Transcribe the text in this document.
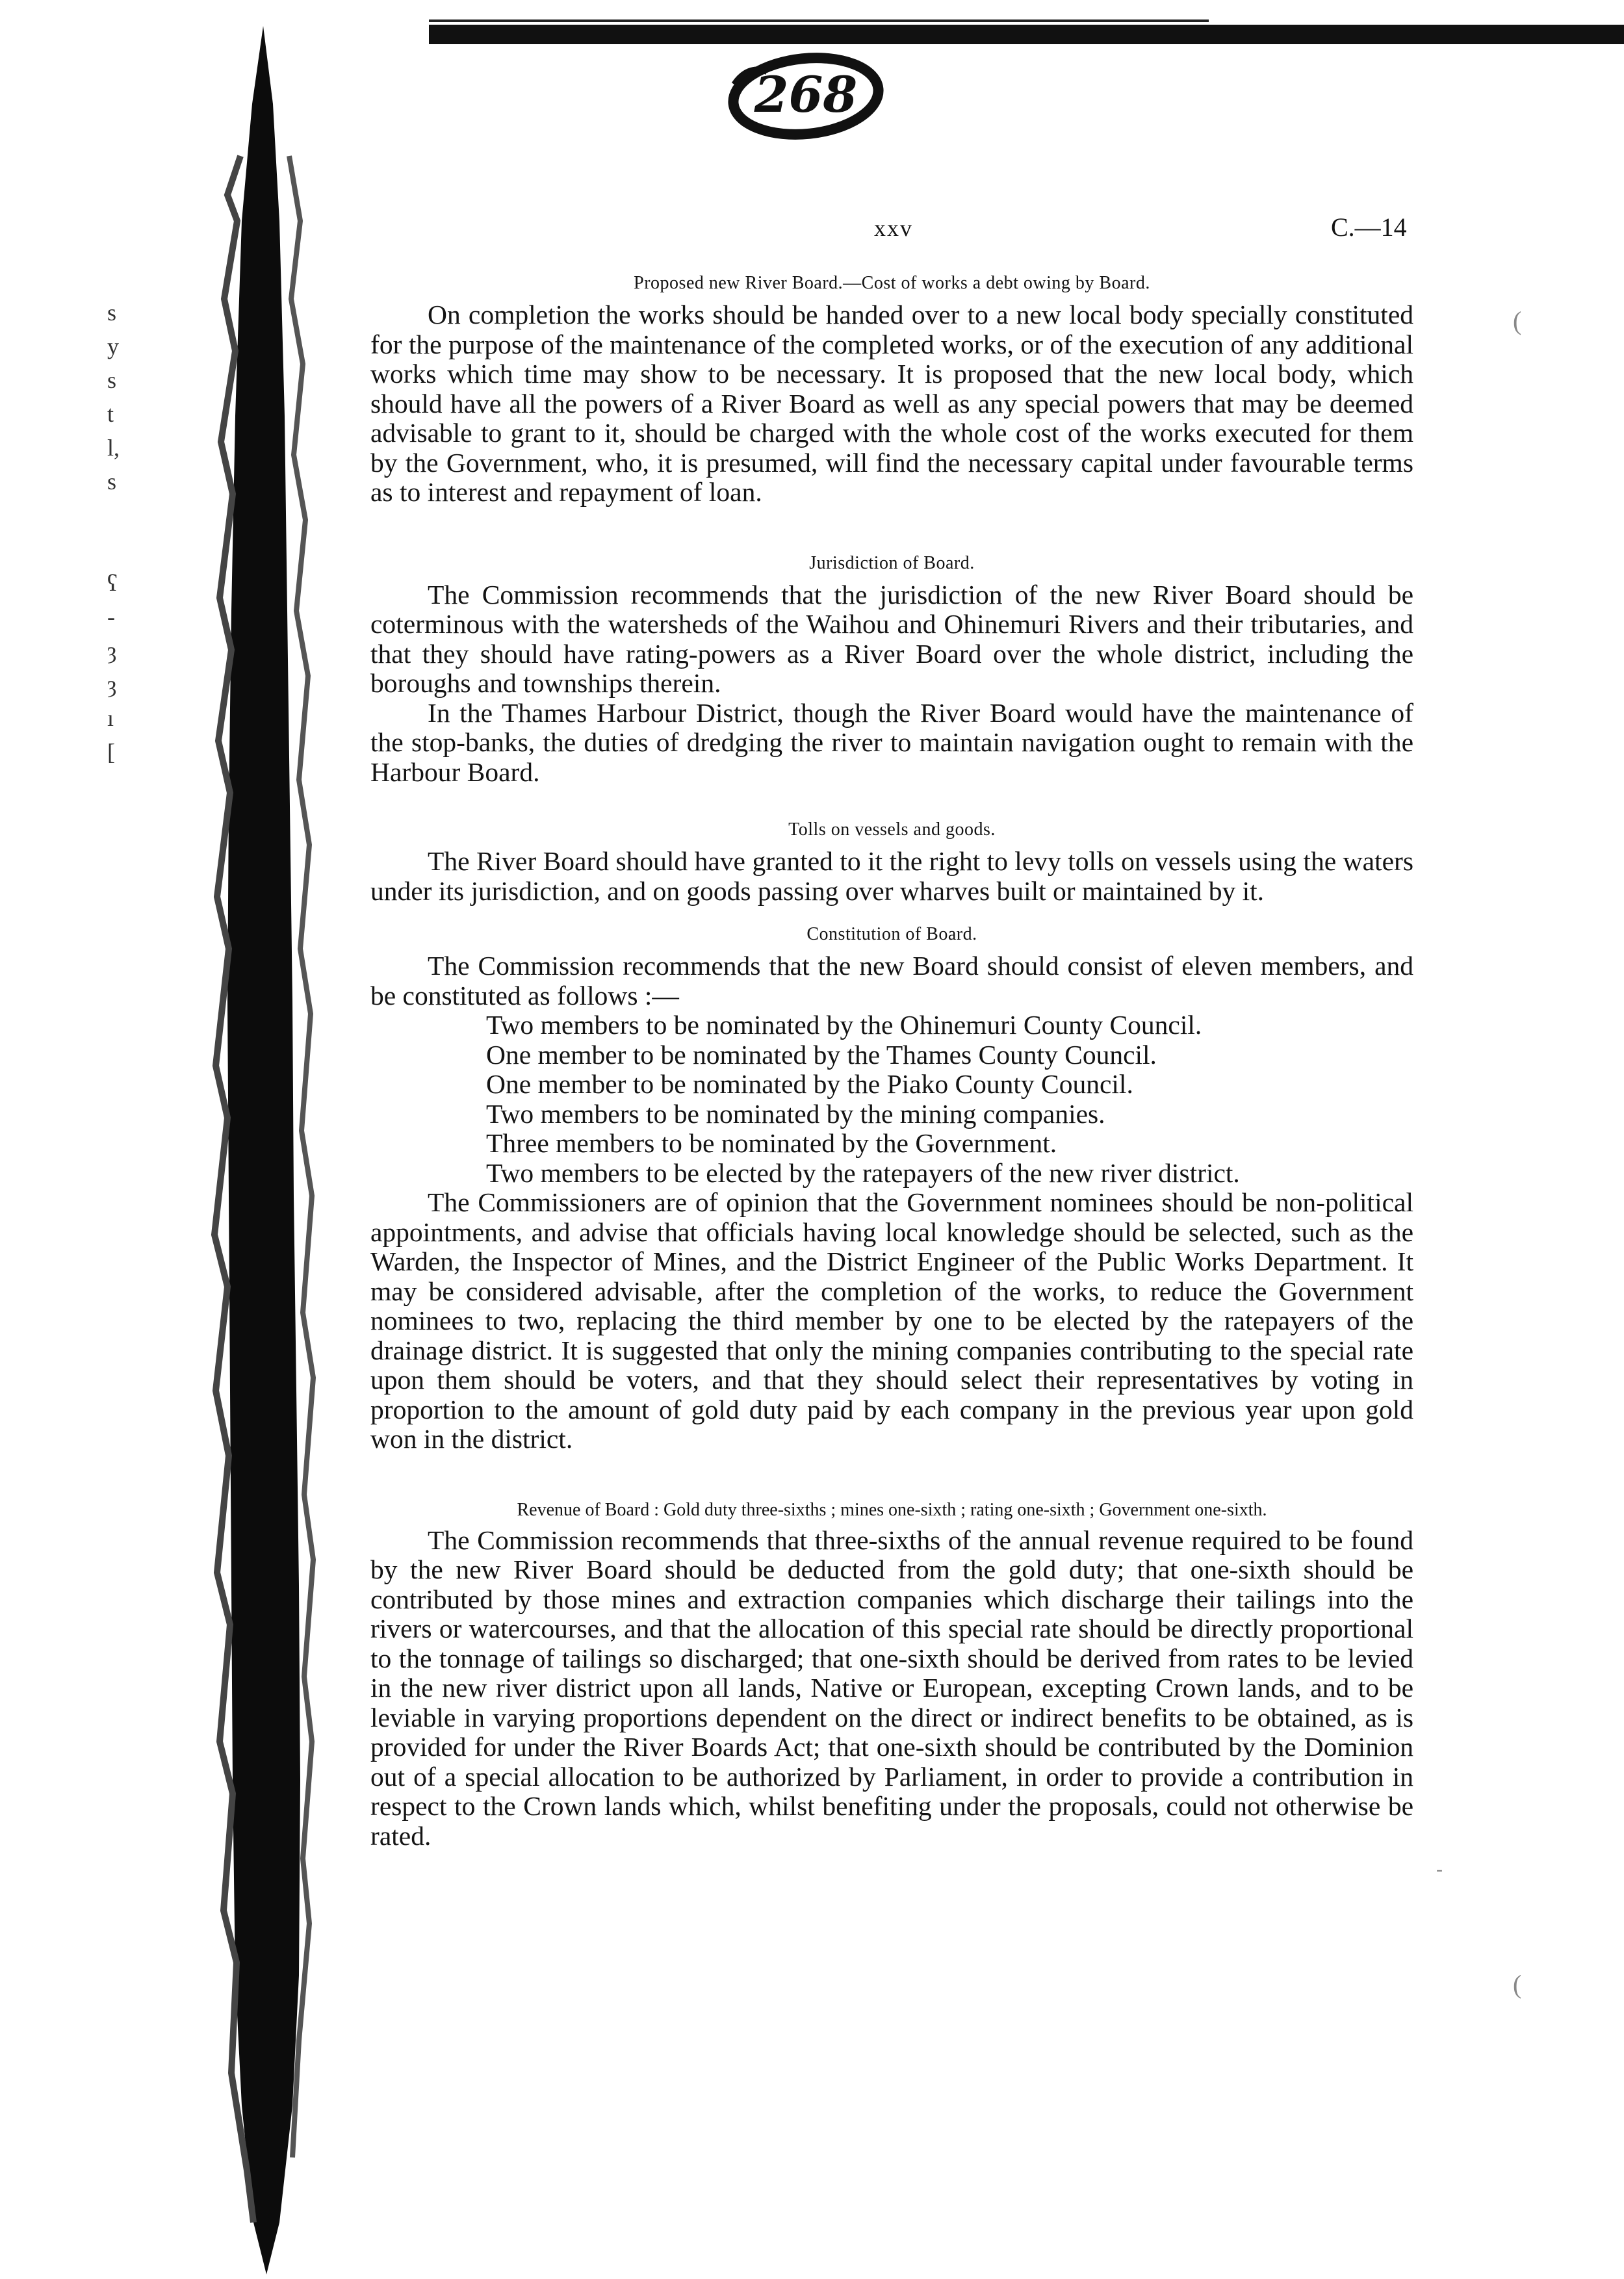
s
y
s
t
l,
s
ʕ
-
ȝ
ȝ
ı
[
268
xxv	C.—14
(
(
-

Proposed new River Board.—Cost of works a debt owing by Board.

On completion the works should be handed over to a new local body specially constituted for the purpose of the maintenance of the completed works, or of the execution of any additional works which time may show to be necessary. It is proposed that the new local body, which should have all the powers of a River Board as well as any special powers that may be deemed advisable to grant to it, should be charged with the whole cost of the works executed for them by the Government, who, it is presumed, will find the necessary capital under favourable terms as to interest and repayment of loan.

Jurisdiction of Board.

The Commission recommends that the jurisdiction of the new River Board should be coterminous with the watersheds of the Waihou and Ohinemuri Rivers and their tributaries, and that they should have rating-powers as a River Board over the whole district, including the boroughs and townships therein.

In the Thames Harbour District, though the River Board would have the maintenance of the stop-banks, the duties of dredging the river to maintain navigation ought to remain with the Harbour Board.

Tolls on vessels and goods.

The River Board should have granted to it the right to levy tolls on vessels using the waters under its jurisdiction, and on goods passing over wharves built or maintained by it.

Constitution of Board.

The Commission recommends that the new Board should consist of eleven members, and be constituted as follows :—

Two members to be nominated by the Ohinemuri County Council.
One member to be nominated by the Thames County Council.
One member to be nominated by the Piako County Council.
Two members to be nominated by the mining companies.
Three members to be nominated by the Government.
Two members to be elected by the ratepayers of the new river district.

The Commissioners are of opinion that the Government nominees should be non-political appointments, and advise that officials having local knowledge should be selected, such as the Warden, the Inspector of Mines, and the District Engineer of the Public Works Department. It may be considered advisable, after the completion of the works, to reduce the Government nominees to two, replacing the third member by one to be elected by the ratepayers of the drainage district. It is suggested that only the mining companies contributing to the special rate upon them should be voters, and that they should select their representatives by voting in proportion to the amount of gold duty paid by each company in the previous year upon gold won in the district.

Revenue of Board : Gold duty three-sixths ; mines one-sixth ; rating one-sixth ; Government one-sixth.

The Commission recommends that three-sixths of the annual revenue required to be found by the new River Board should be deducted from the gold duty; that one-sixth should be contributed by those mines and extraction companies which discharge their tailings into the rivers or watercourses, and that the allocation of this special rate should be directly proportional to the tonnage of tailings so discharged; that one-sixth should be derived from rates to be levied in the new river district upon all lands, Native or European, excepting Crown lands, and to be leviable in varying proportions dependent on the direct or indirect benefits to be obtained, as is provided for under the River Boards Act; that one-sixth should be contributed by the Dominion out of a special allocation to be authorized by Parliament, in order to provide a contribution in respect to the Crown lands which, whilst benefiting under the proposals, could not otherwise be rated.
